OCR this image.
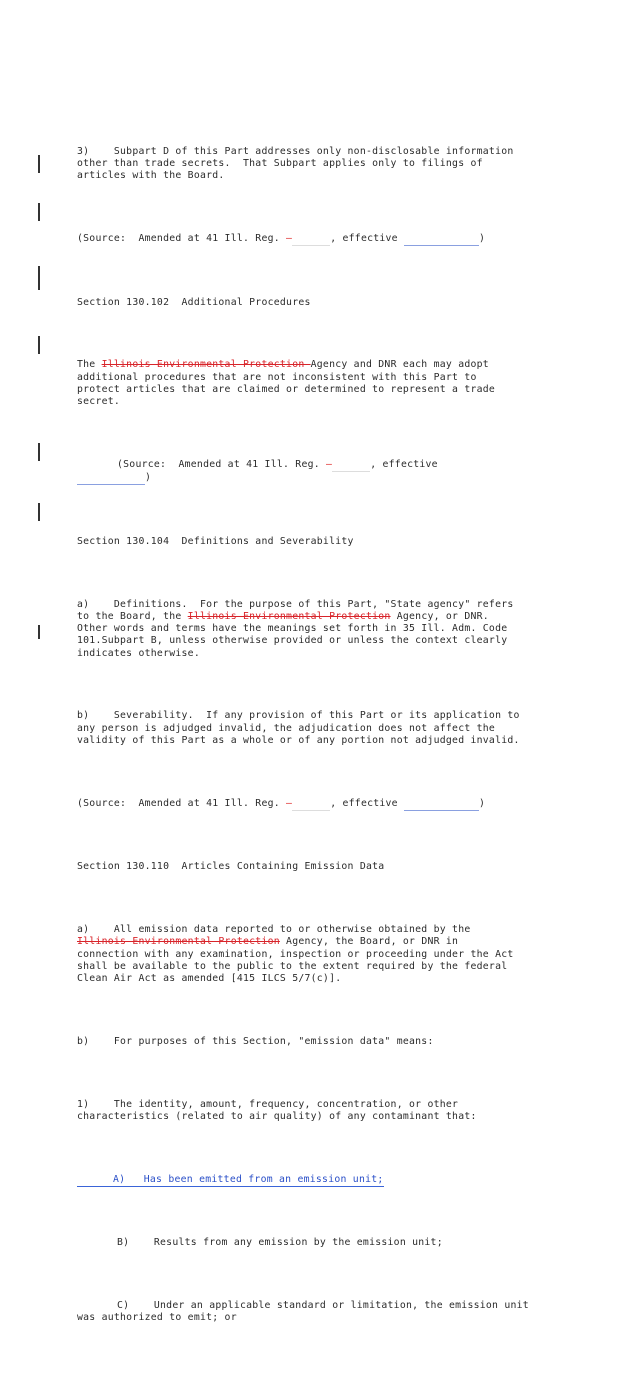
3)    Subpart D of this Part addresses only non-disclosable information
other than trade secrets.  That Subpart applies only to filings of
articles with the Board.

(Source:  Amended at 41 Ill. Reg. —	, effective	)

Section 130.102  Additional Procedures

The Illinois Environmental Protection Agency and DNR each may adopt
additional procedures that are not inconsistent with this Part to
protect articles that are claimed or determined to represent a trade
secret.

(Source:  Amended at 41 Ill. Reg. —	, effective
)

Section 130.104  Definitions and Severability

a)    Definitions.  For the purpose of this Part, "State agency" refers
to the Board, the Illinois Environmental Protection Agency, or DNR.
Other words and terms have the meanings set forth in 35 Ill. Adm. Code
101.Subpart B, unless otherwise provided or unless the context clearly
indicates otherwise.

b)    Severability.  If any provision of this Part or its application to
any person is adjudged invalid, the adjudication does not affect the
validity of this Part as a whole or of any portion not adjudged invalid.

(Source:  Amended at 41 Ill. Reg. —	, effective	)

Section 130.110  Articles Containing Emission Data

a)    All emission data reported to or otherwise obtained by the
Illinois Environmental Protection Agency, the Board, or DNR in
connection with any examination, inspection or proceeding under the Act
shall be available to the public to the extent required by the federal
Clean Air Act as amended [415 ILCS 5/7(c)].

b)    For purposes of this Section, "emission data" means:

1)    The identity, amount, frequency, concentration, or other
characteristics (related to air quality) of any contaminant that:

A) Has been emitted from an emission unit;

B)    Results from any emission by the emission unit;

C)    Under an applicable standard or limitation, the emission unit
was authorized to emit; or
